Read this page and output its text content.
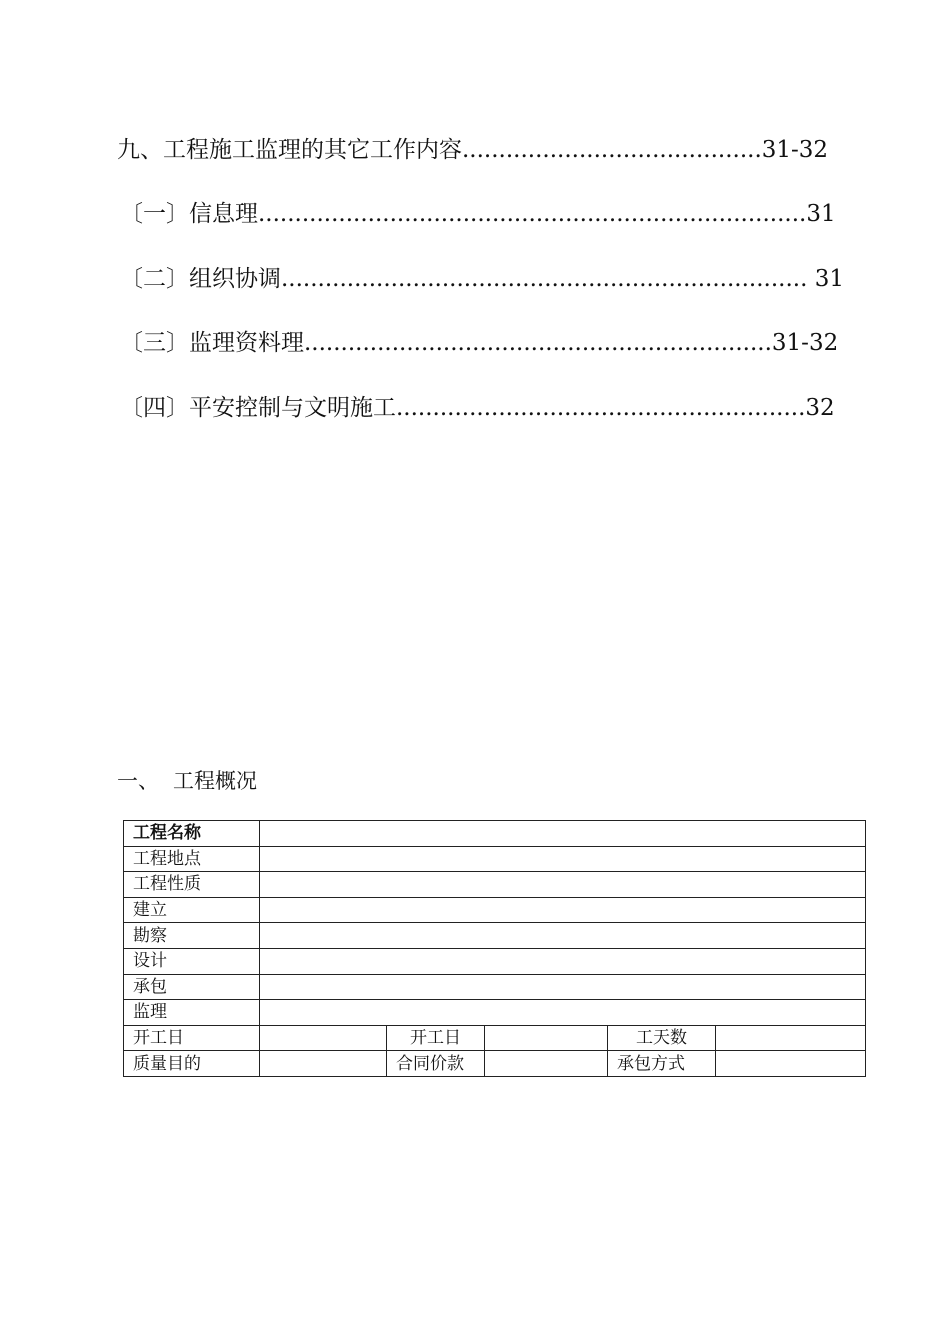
九、工程施工监理的其它工作内容.........................................31-32
〔一〕信息理...........................................................................31
〔二〕组织协调........................................................................ 31
〔三〕监理资料理................................................................31-32
〔四〕平安控制与文明施工........................................................32
一、 工程概况
工程名称					
工程地点					
工程性质					
建立					
勘察					
设计					
承包					
监理					
开工日		开工日		工天数	
质量目的		合同价款		承包方式	
